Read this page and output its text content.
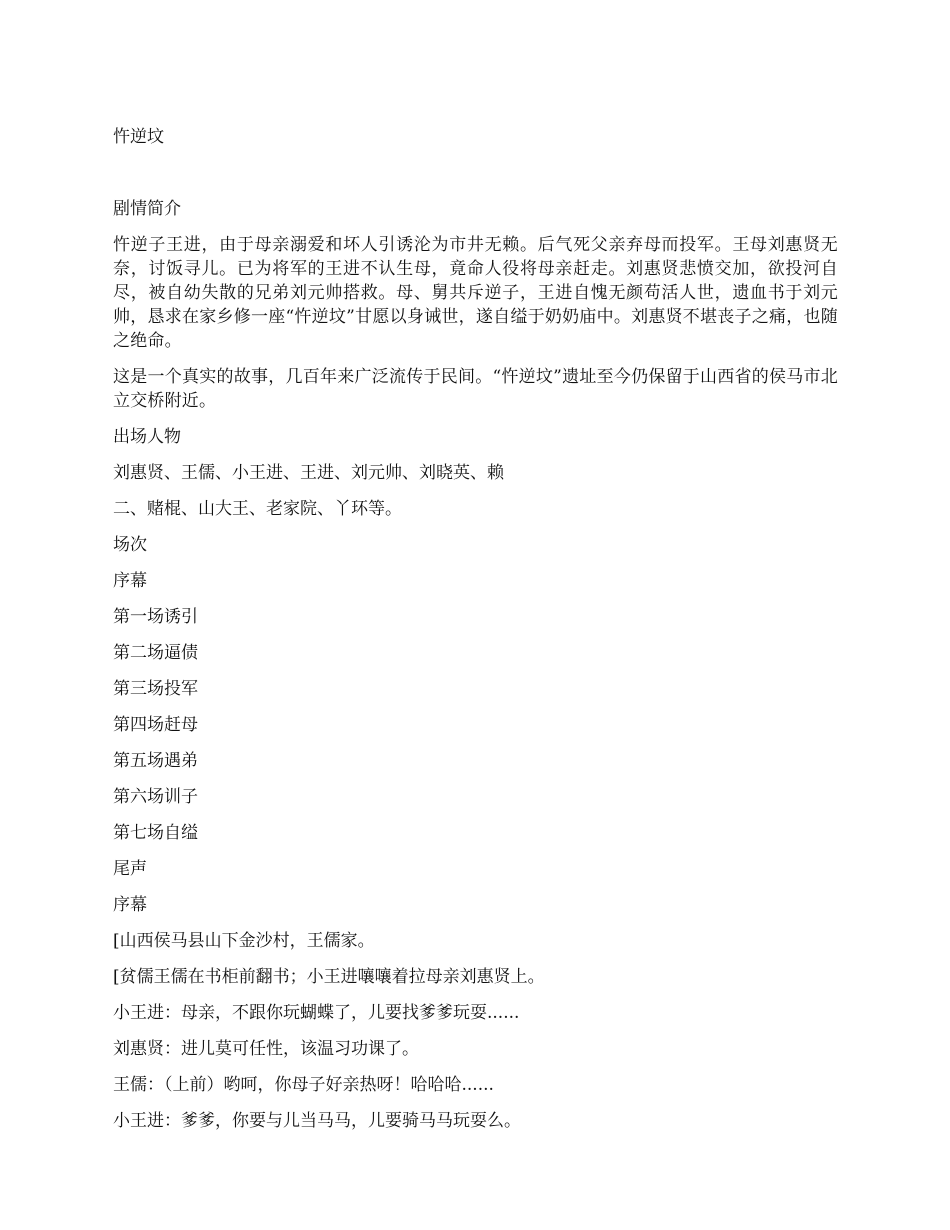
忤逆坟

剧情简介

忤逆子王进，由于母亲溺爱和坏人引诱沦为市井无赖。后气死父亲弃母而投军。王母刘惠贤无奈，讨饭寻儿。已为将军的王进不认生母，竟命人役将母亲赶走。刘惠贤悲愤交加，欲投河自尽，被自幼失散的兄弟刘元帅搭救。母、舅共斥逆子，王进自愧无颜苟活人世，遗血书于刘元帅，恳求在家乡修一座“忤逆坟”甘愿以身诫世，遂自缢于奶奶庙中。刘惠贤不堪丧子之痛，也随之绝命。

这是一个真实的故事，几百年来广泛流传于民间。“忤逆坟”遗址至今仍保留于山西省的侯马市北立交桥附近。

出场人物

刘惠贤、王儒、小王进、王进、刘元帅、刘晓英、赖

二、赌棍、山大王、老家院、丫环等。

场次

序幕

第一场诱引

第二场逼债

第三场投军

第四场赶母

第五场遇弟

第六场训子

第七场自缢

尾声

序幕

[山西侯马县山下金沙村，王儒家。

[贫儒王儒在书柜前翻书；小王进嚷嚷着拉母亲刘惠贤上。

小王进：母亲，不跟你玩蝴蝶了，儿要找爹爹玩耍......

刘惠贤：进儿莫可任性，该温习功课了。

王儒：（上前）哟呵，你母子好亲热呀！哈哈哈......

小王进：爹爹，你要与儿当马马，儿要骑马马玩耍么。
